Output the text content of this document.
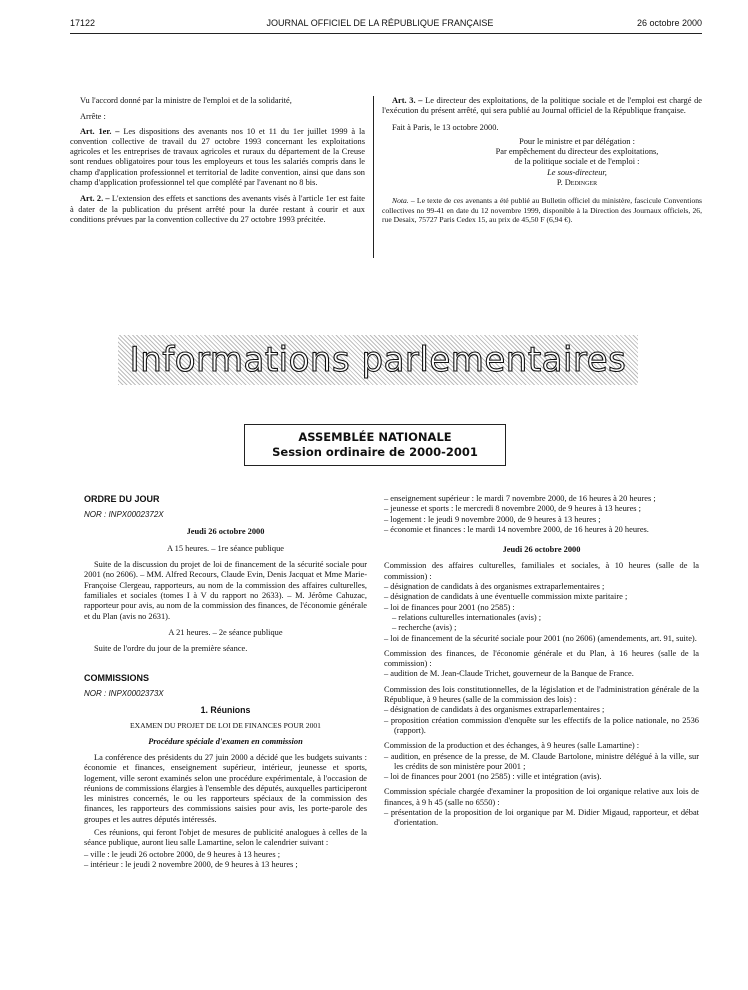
17122	JOURNAL OFFICIEL DE LA RÉPUBLIQUE FRANÇAISE	26 octobre 2000

Vu l'accord donné par la ministre de l'emploi et de la solidarité,

Arrête :

Art. 1er. – Les dispositions des avenants nos 10 et 11 du 1er juillet 1999 à la convention collective de travail du 27 octobre 1993 concernant les exploitations agricoles et les entreprises de travaux agricoles et ruraux du département de la Creuse sont rendues obligatoires pour tous les employeurs et tous les salariés compris dans le champ d'application professionnel et territorial de ladite convention, ainsi que dans son champ d'application professionnel tel que complété par l'avenant no 8 bis.

Art. 2. – L'extension des effets et sanctions des avenants visés à l'article 1er est faite à dater de la publication du présent arrêté pour la durée restant à courir et aux conditions prévues par la convention collective du 27 octobre 1993 précitée.

Art. 3. – Le directeur des exploitations, de la politique sociale et de l'emploi est chargé de l'exécution du présent arrêté, qui sera publié au Journal officiel de la République française.

Fait à Paris, le 13 octobre 2000.

Pour le ministre et par délégation :
Par empêchement du directeur des exploitations,
de la politique sociale et de l'emploi :
Le sous-directeur,
P. Dedinger

Nota. – Le texte de ces avenants a été publié au Bulletin officiel du ministère, fascicule Conventions collectives no 99-41 en date du 12 novembre 1999, disponible à la Direction des Journaux officiels, 26, rue Desaix, 75727 Paris Cedex 15, au prix de 45,50 F (6,94 €).

Informations parlementaires
ASSEMBLÉE NATIONALE
Session ordinaire de 2000-2001

ORDRE DU JOUR

NOR : INPX0002372X

Jeudi 26 octobre 2000

A 15 heures. – 1re séance publique

Suite de la discussion du projet de loi de financement de la sécurité sociale pour 2001 (no 2606). – MM. Alfred Recours, Claude Evin, Denis Jacquat et Mme Marie-Françoise Clergeau, rapporteurs, au nom de la commission des affaires culturelles, familiales et sociales (tomes I à V du rapport no 2633). – M. Jérôme Cahuzac, rapporteur pour avis, au nom de la commission des finances, de l'économie générale et du Plan (avis no 2631).

A 21 heures. – 2e séance publique

Suite de l'ordre du jour de la première séance.

COMMISSIONS

NOR : INPX0002373X

1. Réunions

EXAMEN DU PROJET DE LOI DE FINANCES POUR 2001

Procédure spéciale d'examen en commission

La conférence des présidents du 27 juin 2000 a décidé que les budgets suivants : économie et finances, enseignement supérieur, intérieur, jeunesse et sports, logement, ville seront examinés selon une procédure expérimentale, à l'occasion de réunions de commissions élargies à l'ensemble des députés, auxquelles participeront les ministres concernés, le ou les rapporteurs spéciaux de la commission des finances, les rapporteurs des commissions saisies pour avis, les porte-parole des groupes et les autres députés intéressés.

Ces réunions, qui feront l'objet de mesures de publicité analogues à celles de la séance publique, auront lieu salle Lamartine, selon le calendrier suivant :

– ville : le jeudi 26 octobre 2000, de 9 heures à 13 heures ;
– intérieur : le jeudi 2 novembre 2000, de 9 heures à 13 heures ;
– enseignement supérieur : le mardi 7 novembre 2000, de 16 heures à 20 heures ;
– jeunesse et sports : le mercredi 8 novembre 2000, de 9 heures à 13 heures ;
– logement : le jeudi 9 novembre 2000, de 9 heures à 13 heures ;
– économie et finances : le mardi 14 novembre 2000, de 16 heures à 20 heures.

Jeudi 26 octobre 2000

Commission des affaires culturelles, familiales et sociales, à 10 heures (salle de la commission) :

– désignation de candidats à des organismes extraparlementaires ;
– désignation de candidats à une éventuelle commission mixte paritaire ;
– loi de finances pour 2001 (no 2585) :
– relations culturelles internationales (avis) ;
– recherche (avis) ;
– loi de financement de la sécurité sociale pour 2001 (no 2606) (amendements, art. 91, suite).

Commission des finances, de l'économie générale et du Plan, à 16 heures (salle de la commission) :

– audition de M. Jean-Claude Trichet, gouverneur de la Banque de France.

Commission des lois constitutionnelles, de la législation et de l'administration générale de la République, à 9 heures (salle de la commission des lois) :

– désignation de candidats à des organismes extraparlementaires ;
– proposition création commission d'enquête sur les effectifs de la police nationale, no 2536 (rapport).

Commission de la production et des échanges, à 9 heures (salle Lamartine) :

– audition, en présence de la presse, de M. Claude Bartolone, ministre délégué à la ville, sur les crédits de son ministère pour 2001 ;
– loi de finances pour 2001 (no 2585) : ville et intégration (avis).

Commission spéciale chargée d'examiner la proposition de loi organique relative aux lois de finances, à 9 h 45 (salle no 6550) :

– présentation de la proposition de loi organique par M. Didier Migaud, rapporteur, et débat d'orientation.
